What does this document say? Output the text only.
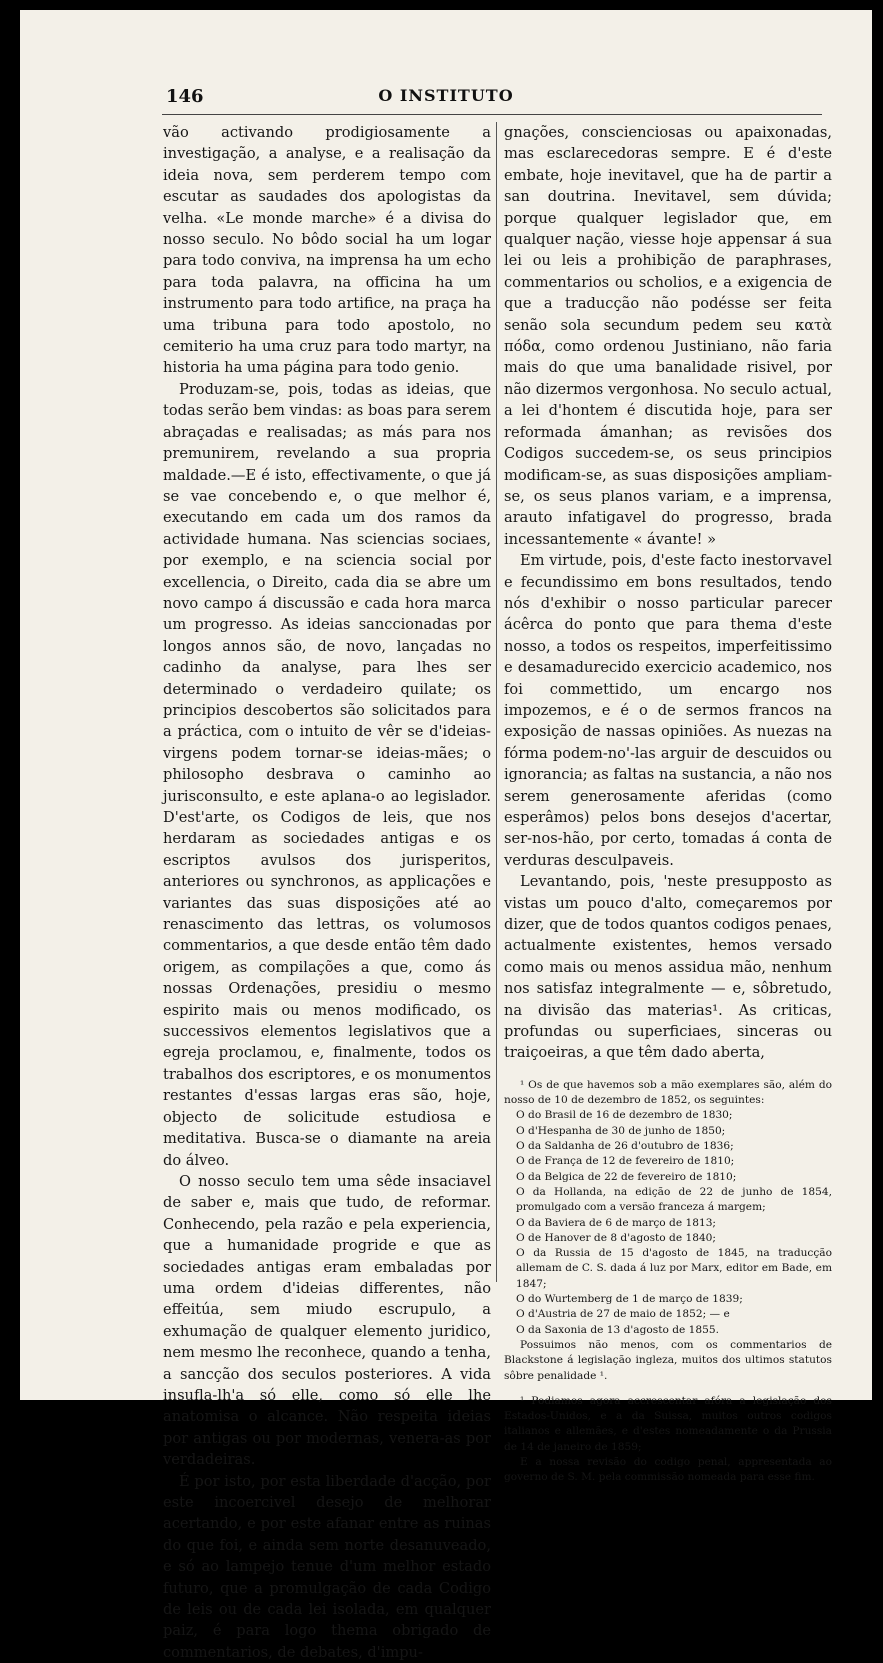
146	O INSTITUTO

vão activando prodigiosamente a investigação, a analyse, e a realisação da ideia nova, sem perderem tempo com escutar as saudades dos apologistas da velha. «Le monde marche» é a divisa do nosso seculo. No bôdo social ha um logar para todo conviva, na imprensa ha um echo para toda palavra, na officina ha um instrumento para todo artifice, na praça ha uma tribuna para todo apostolo, no cemiterio ha uma cruz para todo martyr, na historia ha uma página para todo genio.

Produzam-se, pois, todas as ideias, que todas serão bem vindas: as boas para serem abraçadas e realisadas; as más para nos premunirem, revelando a sua propria maldade.—E é isto, effectivamente, o que já se vae concebendo e, o que melhor é, executando em cada um dos ramos da actividade humana. Nas sciencias sociaes, por exemplo, e na sciencia social por excellencia, o Direito, cada dia se abre um novo campo á discussão e cada hora marca um progresso. As ideias sanccionadas por longos annos são, de novo, lançadas no cadinho da analyse, para lhes ser determinado o verdadeiro quilate; os principios descobertos são solicitados para a práctica, com o intuito de vêr se d'ideias-virgens podem tornar-se ideias-mães; o philosopho desbrava o caminho ao jurisconsulto, e este aplana-o ao legislador. D'est'arte, os Codigos de leis, que nos herdaram as sociedades antigas e os escriptos avulsos dos jurisperitos, anteriores ou synchronos, as applicações e variantes das suas disposições até ao renascimento das lettras, os volumosos commentarios, a que desde então têm dado origem, as compilações a que, como ás nossas Ordenações, presidiu o mesmo espirito mais ou menos modificado, os successivos elementos legislativos que a egreja proclamou, e, finalmente, todos os trabalhos dos escriptores, e os monumentos restantes d'essas largas eras são, hoje, objecto de solicitude estudiosa e meditativa. Busca-se o diamante na areia do álveo.

O nosso seculo tem uma sêde insaciavel de saber e, mais que tudo, de reformar. Conhecendo, pela razão e pela experiencia, que a humanidade progride e que as sociedades antigas eram embaladas por uma ordem d'ideias differentes, não effeitúa, sem miudo escrupulo, a exhumação de qualquer elemento juridico, nem mesmo lhe reconhece, quando a tenha, a sancção dos seculos posteriores. A vida insufla-lh'a só elle, como só elle lhe anatomisa o alcance. Não respeita ideias por antigas ou por modernas, venera-as por verdadeiras.

É por isto, por esta liberdade d'acção, por este incoercivel desejo de melhorar acertando, e por este afanar entre as ruinas do que foi, e ainda sem norte desanuveado, e só ao lampejo tenue d'um melhor estado futuro, que a promulgação de cada Codigo de leis ou de cada lei isolada, em qualquer paiz, é para logo thema obrigado de commentarios, de debates, d'impu-

gnações, conscienciosas ou apaixonadas, mas esclarecedoras sempre. E é d'este embate, hoje inevitavel, que ha de partir a san doutrina. Inevitavel, sem dúvida; porque qualquer legislador que, em qualquer nação, viesse hoje appensar á sua lei ou leis a prohibição de paraphrases, commentarios ou scholios, e a exigencia de que a traducção não podésse ser feita senão sola secundum pedem seu κατὰ πόδα, como ordenou Justiniano, não faria mais do que uma banalidade risivel, por não dizermos vergonhosa. No seculo actual, a lei d'hontem é discutida hoje, para ser reformada ámanhan; as revisões dos Codigos succedem-se, os seus principios modificam-se, as suas disposições ampliam-se, os seus planos variam, e a imprensa, arauto infatigavel do progresso, brada incessantemente « ávante! »

Em virtude, pois, d'este facto inestorvavel e fecundissimo em bons resultados, tendo nós d'exhibir o nosso particular parecer ácêrca do ponto que para thema d'este nosso, a todos os respeitos, imperfeitissimo e desamadurecido exercicio academico, nos foi commettido, um encargo nos impozemos, e é o de sermos francos na exposição de nassas opiniões. As nuezas na fórma podem-no'-las arguir de descuidos ou ignorancia; as faltas na sustancia, a não nos serem generosamente aferidas (como esperâmos) pelos bons desejos d'acertar, ser-nos-hão, por certo, tomadas á conta de verduras desculpaveis.

Levantando, pois, 'neste presupposto as vistas um pouco d'alto, começaremos por dizer, que de todos quantos codigos penaes, actualmente existentes, hemos versado como mais ou menos assidua mão, nenhum nos satisfaz integralmente — e, sôbretudo, na divisão das materias¹. As criticas, profundas ou superficiaes, sinceras ou traiçoeiras, a que têm dado aberta,

¹ Os de que havemos sob a mão exemplares são, além do nosso de 10 de dezembro de 1852, os seguintes:

O do Brasil de 16 de dezembro de 1830;
O d'Hespanha de 30 de junho de 1850;
O da Saldanha de 26 d'outubro de 1836;
O de França de 12 de fevereiro de 1810;
O da Belgica de 22 de fevereiro de 1810;
O da Hollanda, na edição de 22 de junho de 1854, promulgado com a versão franceza á margem;
O da Baviera de 6 de março de 1813;
O de Hanover de 8 d'agosto de 1840;
O da Russia de 15 d'agosto de 1845, na traducção allemam de C. S. dada á luz por Marx, editor em Bade, em 1847;
O do Wurtemberg de 1 de março de 1839;
O d'Austria de 27 de maio de 1852; — e
O da Saxonia de 13 d'agosto de 1855.

Possuimos não menos, com os commentarios de Blackstone á legislação ingleza, muitos dos ultimos statutos sôbre penalidade ¹.

¹ Podiamos agora accrescentar afóra a legislação dos Estados-Unidos, e a da Suissa, muitos outros codigos italianos e allemães, e d'estes nomeadamente o da Prussia de 14 de janeiro de 1859;

E a nossa revisão do codigo penal, appresentada ao governo de S. M. pela commissão nomeada para esse fim.
